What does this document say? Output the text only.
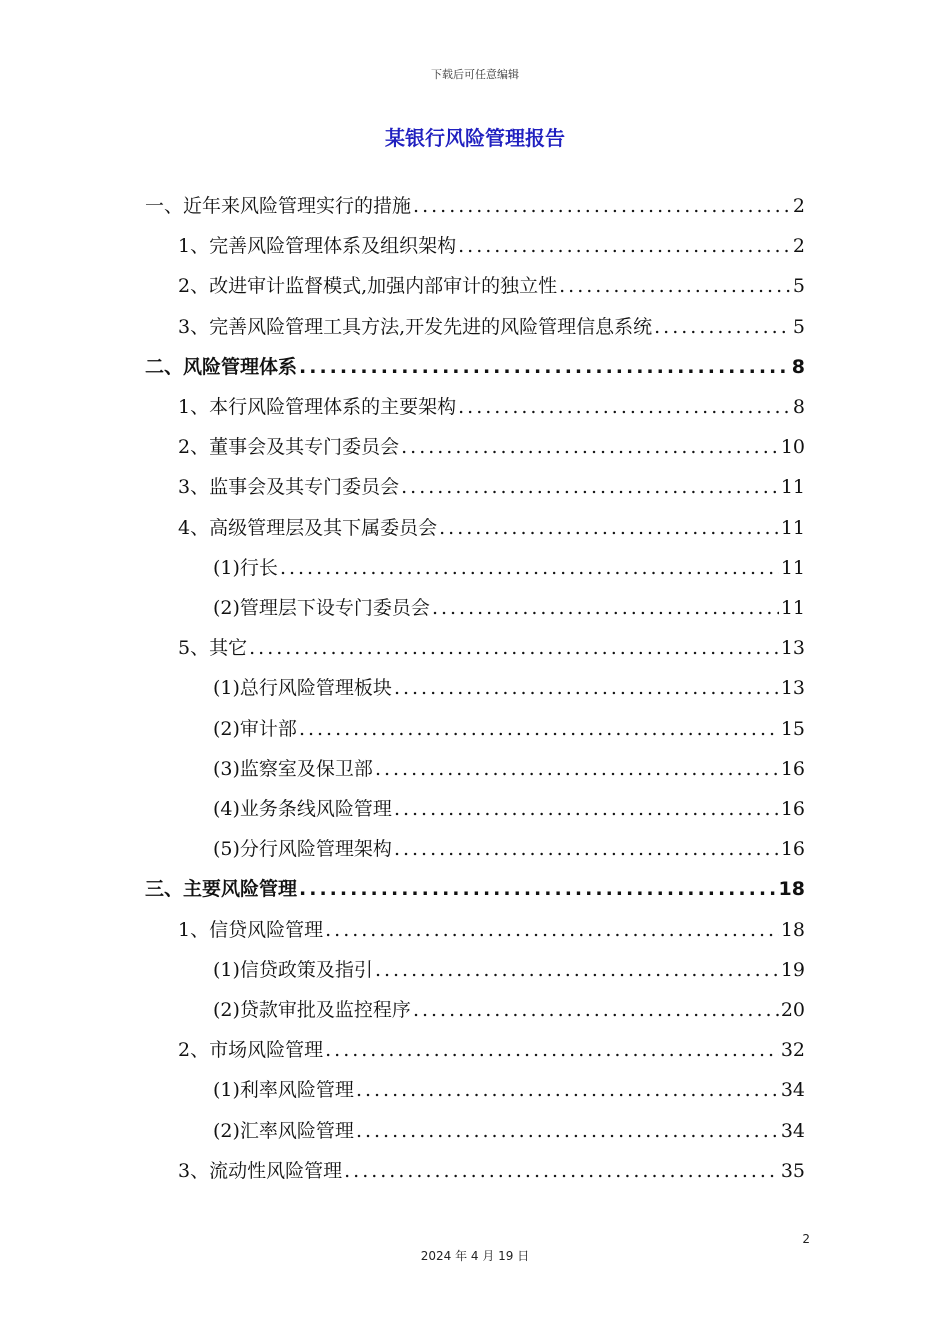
下载后可任意编辑
某银行风险管理报告
一、 近年来风险管理实行的措施 .....	2
1、 完善风险管理体系及组织架构 .....	2
2、 改进审计监督模式,加强内部审计的独立性 .....	5
3、 完善风险管理工具方法,开发先进的风险管理信息系统 .....	5
二、 风险管理体系 .....	8
1、 本行风险管理体系的主要架构 .....	8
2、 董事会及其专门委员会 .....	10
3、 监事会及其专门委员会 .....	11
4、 高级管理层及其下属委员会 .....	11
(1) 行长 .....	11
(2) 管理层下设专门委员会 .....	11
5、 其它 .....	13
(1) 总行风险管理板块 .....	13
(2) 审计部 .....	15
(3) 监察室及保卫部 .....	16
(4) 业务条线风险管理 .....	16
(5) 分行风险管理架构 .....	16
三、 主要风险管理 .....	18
1、 信贷风险管理 .....	18
(1) 信贷政策及指引 .....	19
(2) 贷款审批及监控程序 .....	20
2、 市场风险管理 .....	32
(1) 利率风险管理 .....	34
(2) 汇率风险管理 .....	34
3、 流动性风险管理 .....	35
2
2024 年 4 月 19 日
